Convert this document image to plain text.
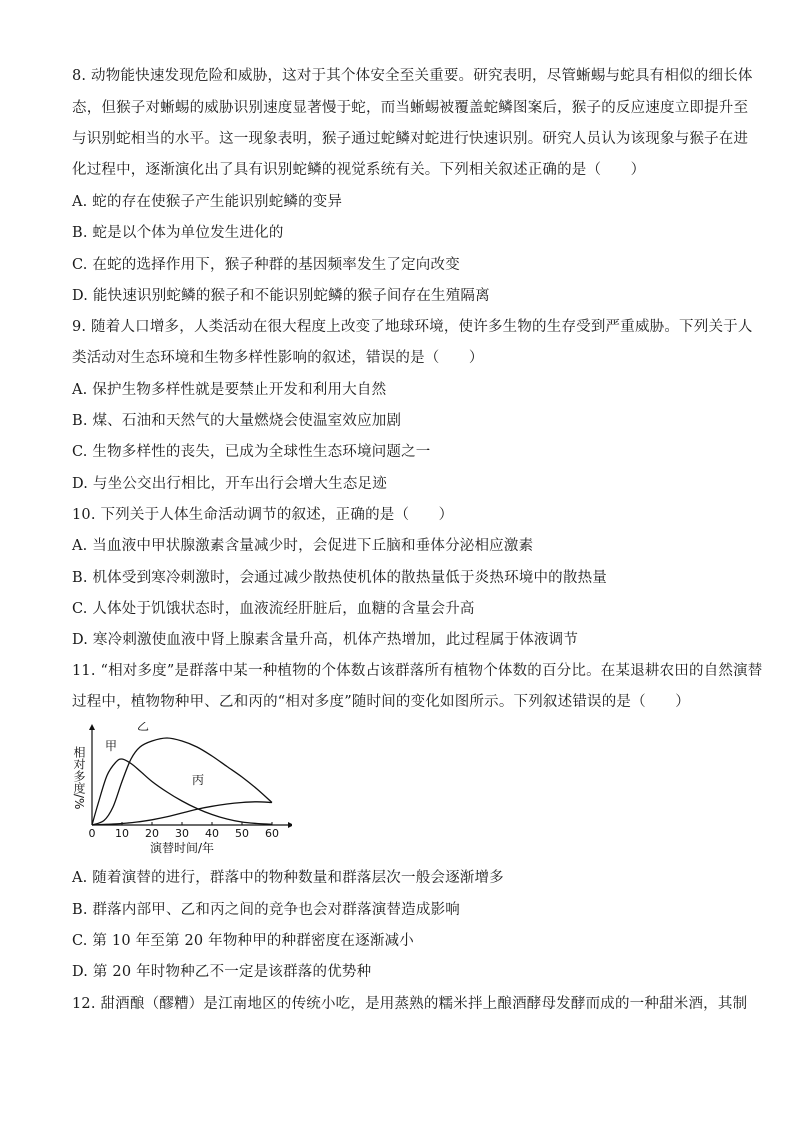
8. 动物能快速发现危险和威胁，这对于其个体安全至关重要。研究表明，尽管蜥蜴与蛇具有相似的细长体
态，但猴子对蜥蜴的威胁识别速度显著慢于蛇，而当蜥蜴被覆盖蛇鳞图案后，猴子的反应速度立即提升至
与识别蛇相当的水平。这一现象表明，猴子通过蛇鳞对蛇进行快速识别。研究人员认为该现象与猴子在进
化过程中，逐渐演化出了具有识别蛇鳞的视觉系统有关。下列相关叙述正确的是（　　）
A. 蛇的存在使猴子产生能识别蛇鳞的变异
B. 蛇是以个体为单位发生进化的
C. 在蛇的选择作用下，猴子种群的基因频率发生了定向改变
D. 能快速识别蛇鳞的猴子和不能识别蛇鳞的猴子间存在生殖隔离
9. 随着人口增多，人类活动在很大程度上改变了地球环境，使许多生物的生存受到严重威胁。下列关于人
类活动对生态环境和生物多样性影响的叙述，错误的是（　　）
A. 保护生物多样性就是要禁止开发和利用大自然
B. 煤、石油和天然气的大量燃烧会使温室效应加剧
C. 生物多样性的丧失，已成为全球性生态环境问题之一
D. 与坐公交出行相比，开车出行会增大生态足迹
10. 下列关于人体生命活动调节的叙述，正确的是（　　）
A. 当血液中甲状腺激素含量减少时，会促进下丘脑和垂体分泌相应激素
B. 机体受到寒冷刺激时，会通过减少散热使机体的散热量低于炎热环境中的散热量
C. 人体处于饥饿状态时，血液流经肝脏后，血糖的含量会升高
D. 寒冷刺激使血液中肾上腺素含量升高，机体产热增加，此过程属于体液调节
11. “相对多度”是群落中某一种植物的个体数占该群落所有植物个体数的百分比。在某退耕农田的自然演替
过程中，植物物种甲、乙和丙的“相对多度”随时间的变化如图所示。下列叙述错误的是（　　）
0 10 20 30 40 50 60
演替时间/年
相对多度/% 甲
乙
丙
A. 随着演替的进行，群落中的物种数量和群落层次一般会逐渐增多
B. 群落内部甲、乙和丙之间的竞争也会对群落演替造成影响
C. 第 10 年至第 20 年物种甲的种群密度在逐渐减小
D. 第 20 年时物种乙不一定是该群落的优势种
12. 甜酒酿（醪糟）是江南地区的传统小吃，是用蒸熟的糯米拌上酿酒酵母发酵而成的一种甜米酒，其制
